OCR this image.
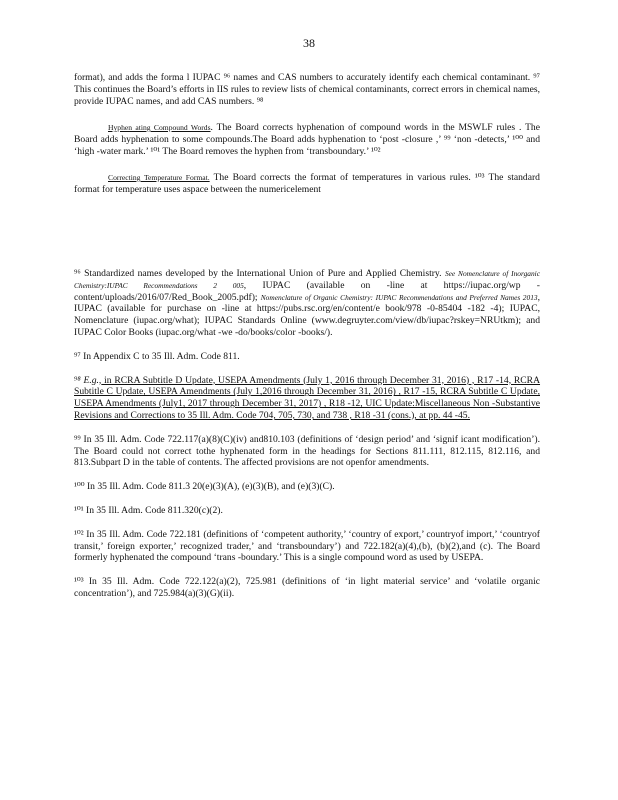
38

format), and adds the forma l IUPAC ⁹⁶ names and CAS numbers to accurately identify each chemical contaminant. ⁹⁷ This continues the Board’s efforts in IIS rules to review lists of chemical contaminants, correct errors in chemical names, provide IUPAC names, and add CAS numbers. ⁹⁸

Hyphen ating Compound Words. The Board corrects hyphenation of compound words in the MSWLF rules . The Board adds hyphenation to some compounds.The Board adds hyphenation to ‘post -closure ,’ ⁹⁹ ‘non -detects,’ ¹⁰⁰ and ‘high -water mark.’ ¹⁰¹ The Board removes the hyphen from ‘transboundary.’ ¹⁰²

Correcting Temperature Format. The Board corrects the format of temperatures in various rules. ¹⁰³ The standard format for temperature uses aspace between the numericelement

⁹⁶ Standardized names developed by the International Union of Pure and Applied Chemistry. See Nomenclature of Inorganic Chemistry:IUPAC Recommendations 2 005, IUPAC (available on -line at https://iupac.org/wp -content/uploads/2016/07/Red_Book_2005.pdf); Nomenclature of Organic Chemistry: IUPAC Recommendations and Preferred Names 2013, IUPAC (available for purchase on -line at https://pubs.rsc.org/en/content/e book/978 -0-85404 -182 -4); IUPAC, Nomenclature (iupac.org/what); IUPAC Standards Online (www.degruyter.com/view/db/iupac?rskey=NRUtkm); and IUPAC Color Books (iupac.org/what -we -do/books/color -books/).

⁹⁷ In Appendix C to 35 Ill. Adm. Code 811.

⁹⁸ E.g., in RCRA Subtitle D Update, USEPA Amendments (July 1, 2016 through December 31, 2016) , R17 -14, RCRA Subtitle C Update, USEPA Amendments (July 1,2016 through December 31, 2016) , R17 -15, RCRA Subtitle C Update, USEPA Amendments (July1, 2017 through December 31, 2017) , R18 -12, UIC Update:Miscellaneous Non -Substantive Revisions and Corrections to 35 Ill. Adm. Code 704, 705, 730, and 738 , R18 -31 (cons.), at pp. 44 -45.

⁹⁹ In 35 Ill. Adm. Code 722.117(a)(8)(C)(iv) and810.103 (definitions of ‘design period’ and ‘signif icant modification’). The Board could not correct tothe hyphenated form in the headings for Sections 811.111, 812.115, 812.116, and 813.Subpart D in the table of contents. The affected provisions are not openfor amendments.

¹⁰⁰ In 35 Ill. Adm. Code 811.3 20(e)(3)(A), (e)(3)(B), and (e)(3)(C).

¹⁰¹ In 35 Ill. Adm. Code 811.320(c)(2).

¹⁰² In 35 Ill. Adm. Code 722.181 (definitions of ‘competent authority,’ ‘country of export,’ countryof import,’ ‘countryof transit,’ foreign exporter,’ recognized trader,’ and ‘transboundary’) and 722.182(a)(4),(b), (b)(2),and (c). The Board formerly hyphenated the compound ‘trans -boundary.’ This is a single compound word as used by USEPA.

¹⁰³ In 35 Ill. Adm. Code 722.122(a)(2), 725.981 (definitions of ‘in light material service’ and ‘volatile organic concentration’), and 725.984(a)(3)(G)(ii).
